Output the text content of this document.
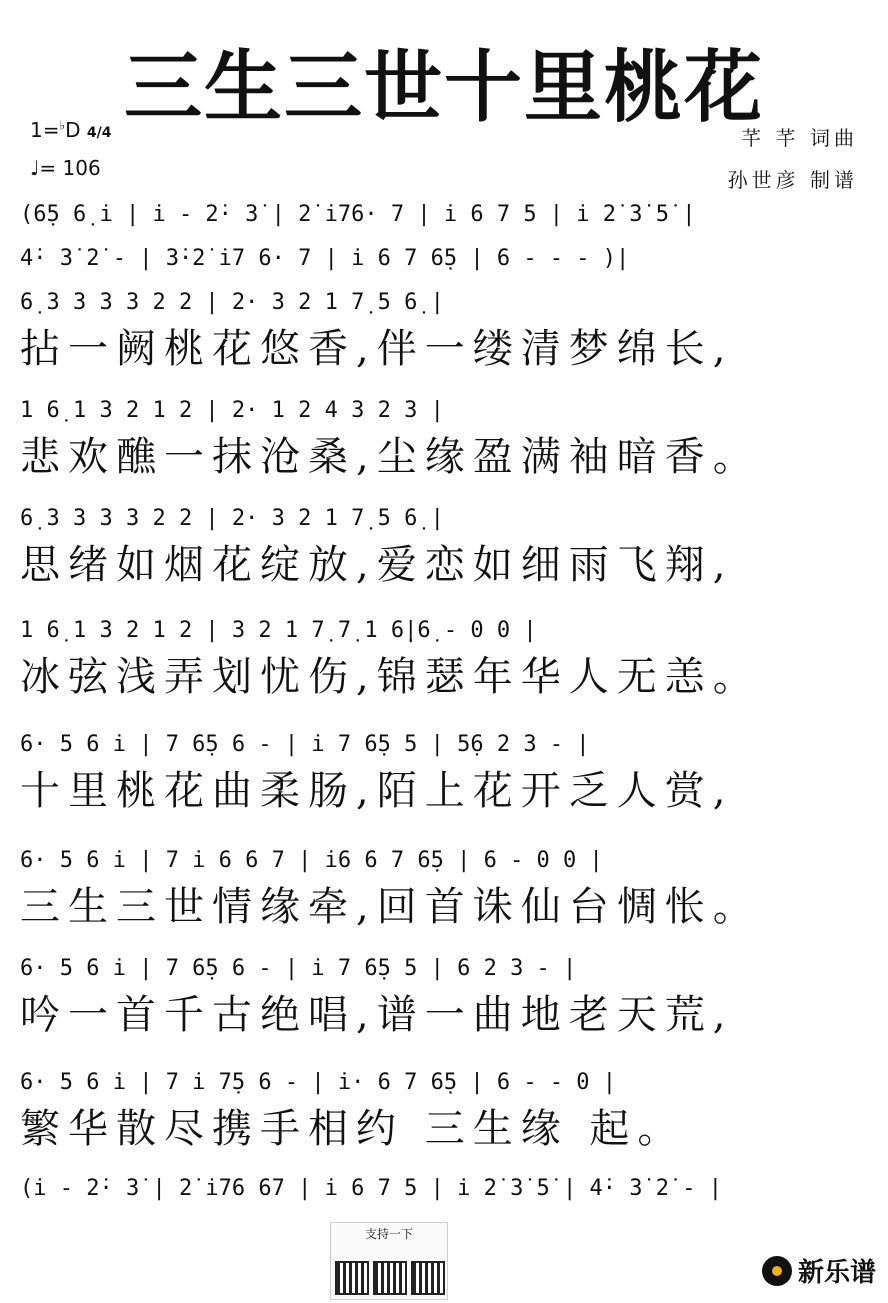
三生三世十里桃花
1=♭D 4/4
♩= 106
芊 芊 词曲
孙世彦 制谱
(6̣5 6̣ i̇ | i̇ - 2̇· 3̇ | 2̇ i̇76· 7 | i̇ 6 7 5 | i̇ 2̇ 3̇ 5̇ |
4̇· 3̇ 2̇ - | 3̇·2̇ i̇7 6· 7 | i̇ 6 7 6̣5 | 6 - - - )|
6̣ 3 3 3 3 2 2 | 2· 3 2 1 7̣ 5 6̣ |
拈一阙桃花悠香,伴一缕清梦绵长,
1 6̣ 1 3 2 1 2 | 2· 1 2 4 3 2 3 |
悲欢醮一抹沧桑,尘缘盈满袖暗香。
6̣ 3 3 3 3 2 2 | 2· 3 2 1 7̣ 5 6̣ |
思绪如烟花绽放,爱恋如细雨飞翔,
1 6̣ 1 3 2 1 2 | 3 2 1 7̣ 7̣ 1 6̣|6̣ - 0 0 |
冰弦浅弄划忧伤,锦瑟年华人无恙。
6· 5 6 i̇ | 7 6̣5 6 - | i̇ 7 6̣5 5 | 5̣6 2 3 - |
十里桃花曲柔肠,陌上花开乏人赏,
6· 5 6 i̇ | 7 i̇ 6 6 7 | i̇6 6 7 6̣5 | 6 - 0 0 |
三生三世情缘牵,回首诛仙台惆怅。
6· 5 6 i̇ | 7 6̣5 6 - | i̇ 7 6̣5 5 | 6 2 3 - |
吟一首千古绝唱,谱一曲地老天荒,
6· 5 6 i̇ | 7 i̇ 7̣5 6 - | i̇· 6 7 6̣5 | 6 - - 0 |
繁华散尽携手相约 三生缘 起。
(i̇ - 2̇· 3̇ | 2̇ i̇76 67 | i̇ 6 7 5 | i̇ 2̇ 3̇ 5̇ | 4̇· 3̇ 2̇ - |
支持一下
新乐谱
